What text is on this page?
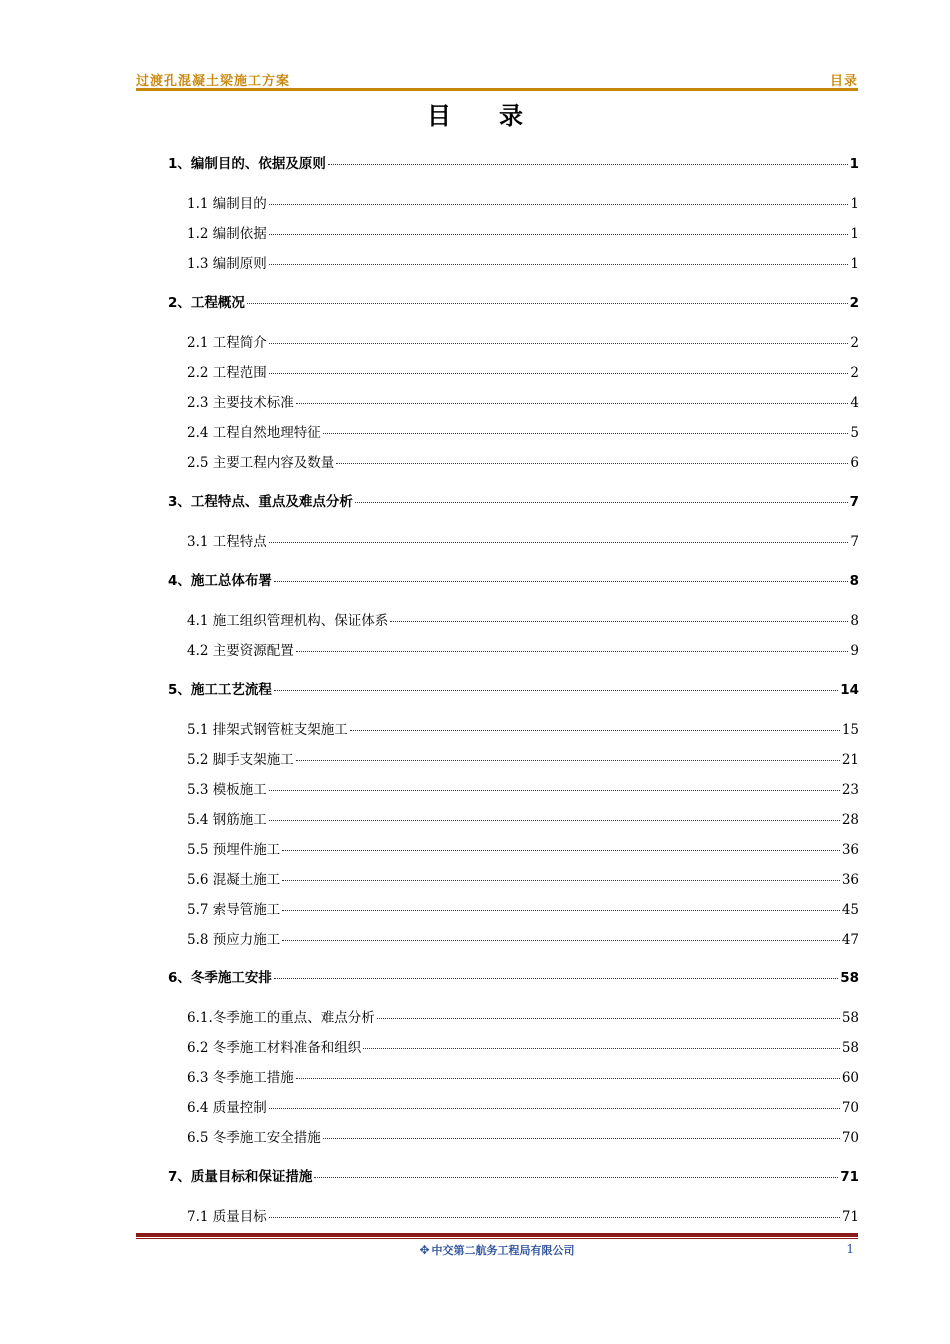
过渡孔混凝土梁施工方案	目录
目　　录
1、编制目的、依据及原则	1
1.1 编制目的	1
1.2 编制依据	1
1.3 编制原则	1
2、工程概况	2
2.1 工程简介	2
2.2 工程范围	2
2.3 主要技术标准	4
2.4 工程自然地理特征	5
2.5 主要工程内容及数量	6
3、工程特点、重点及难点分析	7
3.1 工程特点	7
4、施工总体布署	8
4.1 施工组织管理机构、保证体系	8
4.2 主要资源配置	9
5、施工工艺流程	14
5.1 排架式钢管桩支架施工	15
5.2 脚手支架施工	21
5.3 模板施工	23
5.4 钢筋施工	28
5.5 预埋件施工	36
5.6 混凝土施工	36
5.7 索导管施工	45
5.8 预应力施工	47
6、冬季施工安排	58
6.1.冬季施工的重点、难点分析	58
6.2 冬季施工材料准备和组织	58
6.3 冬季施工措施	60
6.4 质量控制	70
6.5 冬季施工安全措施	70
7、质量目标和保证措施	71
7.1 质量目标	71
✥ 中交第二航务工程局有限公司	1
